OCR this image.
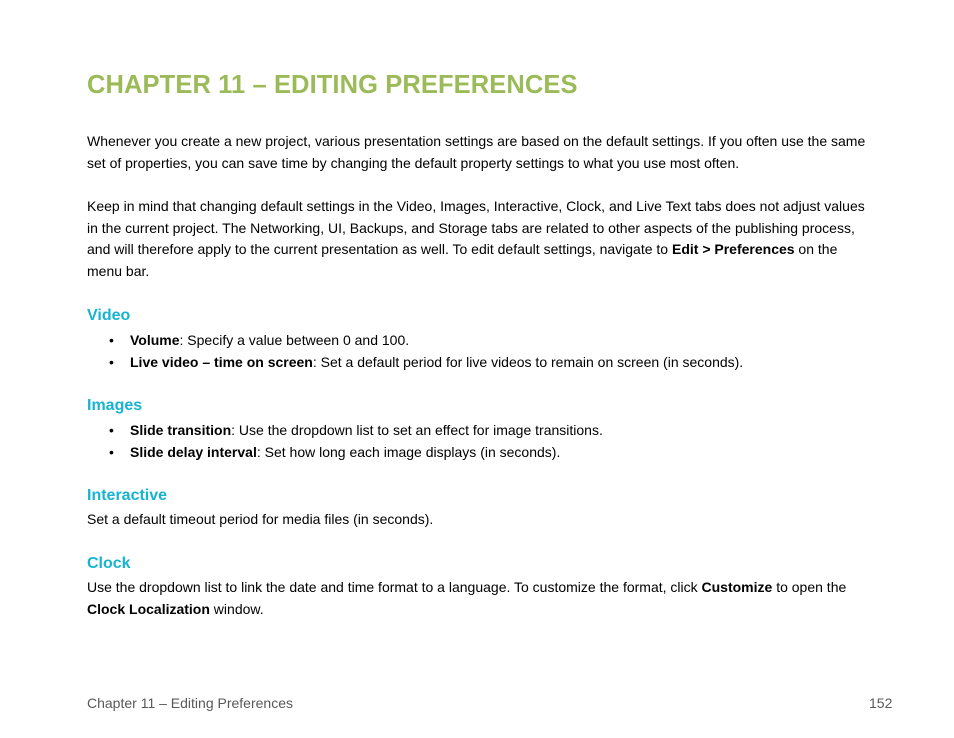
CHAPTER 11 – EDITING PREFERENCES

Whenever you create a new project, various presentation settings are based on the default settings. If you often use the same set of properties, you can save time by changing the default property settings to what you use most often.

Keep in mind that changing default settings in the Video, Images, Interactive, Clock, and Live Text tabs does not adjust values in the current project. The Networking, UI, Backups, and Storage tabs are related to other aspects of the publishing process, and will therefore apply to the current presentation as well. To edit default settings, navigate to Edit > Preferences on the menu bar.

Video
• Volume: Specify a value between 0 and 100.
• Live video – time on screen: Set a default period for live videos to remain on screen (in seconds).
Images
• Slide transition: Use the dropdown list to set an effect for image transitions.
• Slide delay interval: Set how long each image displays (in seconds).
Interactive

Set a default timeout period for media files (in seconds).

Clock

Use the dropdown list to link the date and time format to a language. To customize the format, click Customize to open the Clock Localization window.

Chapter 11 – Editing Preferences	152
